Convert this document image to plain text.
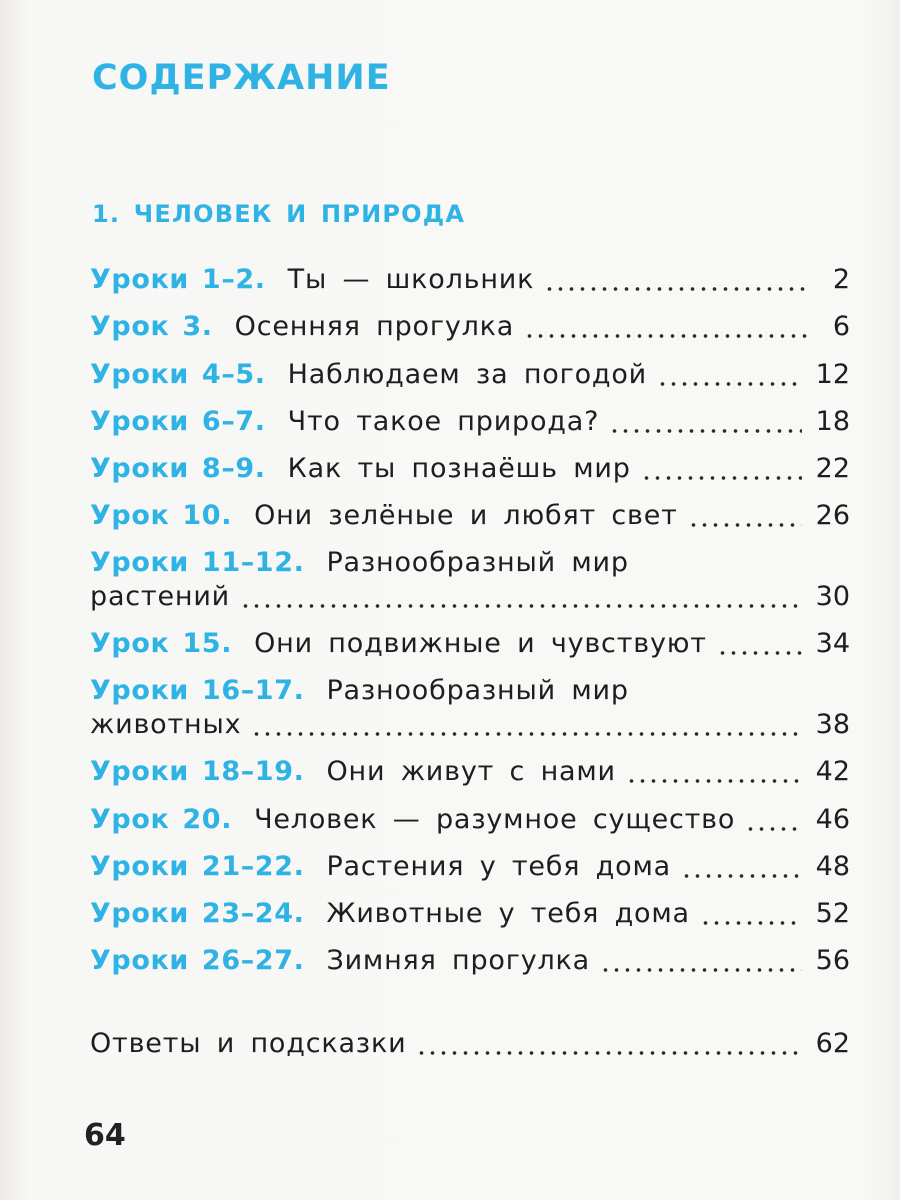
СОДЕРЖАНИЕ
1. ЧЕЛОВЕК И ПРИРОДА
Уроки 1–2. Ты — школьник	2
Урок 3. Осенняя прогулка	6
Уроки 4–5. Наблюдаем за погодой	12
Уроки 6–7. Что такое природа?	18
Уроки 8–9. Как ты познаёшь мир	22
Урок 10. Они зелёные и любят свет	26
Уроки 11–12. Разнообразный мир
растений	30
Урок 15. Они подвижные и чувствуют	34
Уроки 16–17. Разнообразный мир
животных	38
Уроки 18–19. Они живут с нами	42
Урок 20. Человек — разумное существо	46
Уроки 21–22. Растения у тебя дома	48
Уроки 23–24. Животные у тебя дома	52
Уроки 26–27. Зимняя прогулка	56
Ответы и подсказки	62
64
